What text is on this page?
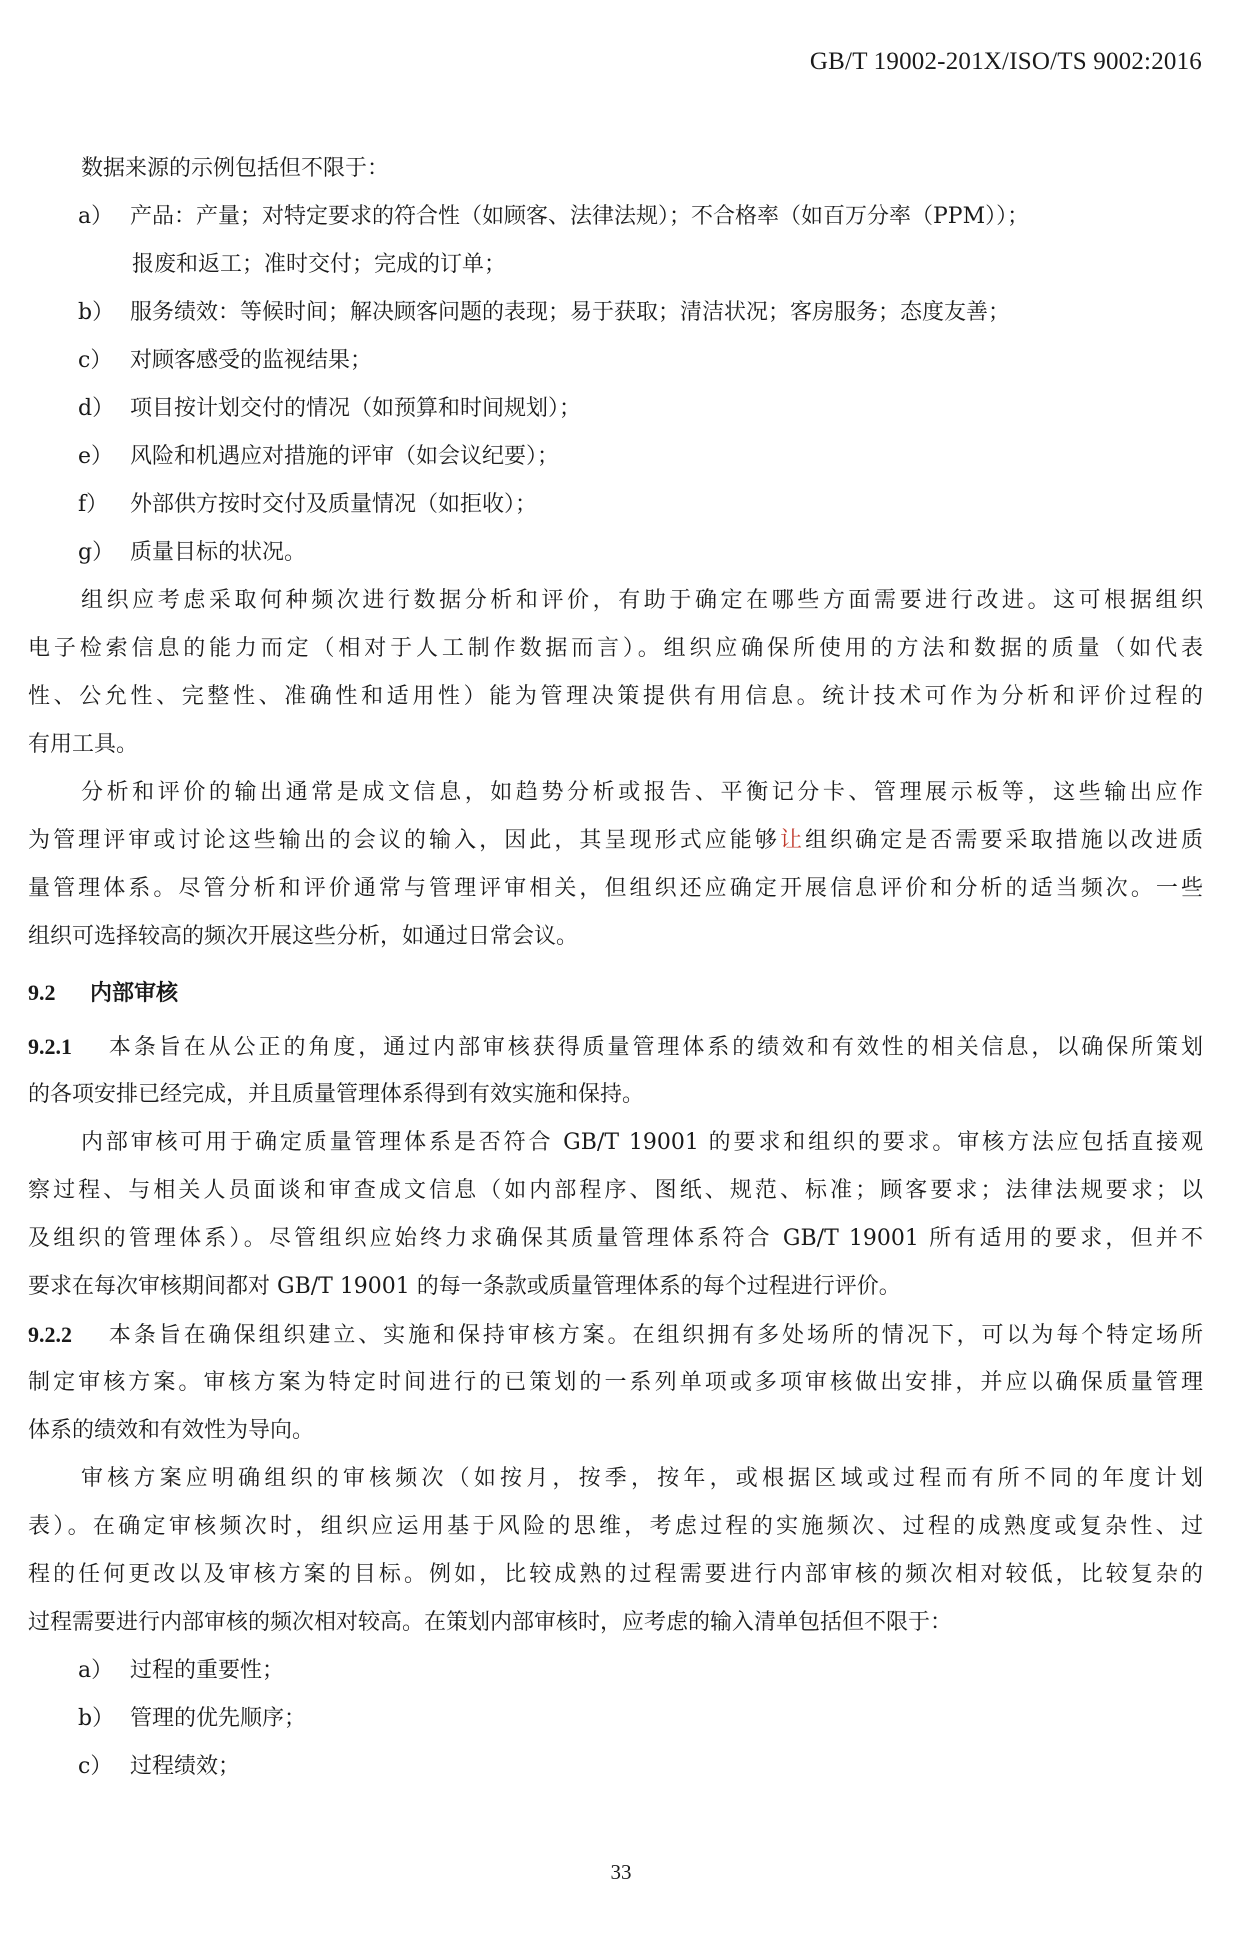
GB/T 19002-201X/ISO/TS 9002:2016
数据来源的示例包括但不限于：
a） 产品：产量；对特定要求的符合性（如顾客、法律法规）；不合格率（如百万分率（PPM））；
报废和返工；准时交付；完成的订单；
b） 服务绩效：等候时间；解决顾客问题的表现；易于获取；清洁状况；客房服务；态度友善；
c） 对顾客感受的监视结果；
d） 项目按计划交付的情况（如预算和时间规划）；
e） 风险和机遇应对措施的评审（如会议纪要）；
f） 外部供方按时交付及质量情况（如拒收）；
g） 质量目标的状况。
组织应考虑采取何种频次进行数据分析和评价，有助于确定在哪些方面需要进行改进。这可根据组织
电子检索信息的能力而定（相对于人工制作数据而言）。组织应确保所使用的方法和数据的质量（如代表
性、公允性、完整性、准确性和适用性）能为管理决策提供有用信息。统计技术可作为分析和评价过程的
有用工具。
分析和评价的输出通常是成文信息，如趋势分析或报告、平衡记分卡、管理展示板等，这些输出应作
为管理评审或讨论这些输出的会议的输入，因此，其呈现形式应能够让组织确定是否需要采取措施以改进质
量管理体系。尽管分析和评价通常与管理评审相关，但组织还应确定开展信息评价和分析的适当频次。一些
组织可选择较高的频次开展这些分析，如通过日常会议。
9.2 内部审核
9.2.1 本条旨在从公正的角度，通过内部审核获得质量管理体系的绩效和有效性的相关信息，以确保所策划
的各项安排已经完成，并且质量管理体系得到有效实施和保持。
内部审核可用于确定质量管理体系是否符合 GB/T 19001 的要求和组织的要求。审核方法应包括直接观
察过程、与相关人员面谈和审查成文信息（如内部程序、图纸、规范、标准；顾客要求；法律法规要求；以
及组织的管理体系）。尽管组织应始终力求确保其质量管理体系符合 GB/T 19001 所有适用的要求，但并不
要求在每次审核期间都对 GB/T 19001 的每一条款或质量管理体系的每个过程进行评价。
9.2.2 本条旨在确保组织建立、实施和保持审核方案。在组织拥有多处场所的情况下，可以为每个特定场所
制定审核方案。审核方案为特定时间进行的已策划的一系列单项或多项审核做出安排，并应以确保质量管理
体系的绩效和有效性为导向。
审核方案应明确组织的审核频次（如按月，按季，按年，或根据区域或过程而有所不同的年度计划
表）。在确定审核频次时，组织应运用基于风险的思维，考虑过程的实施频次、过程的成熟度或复杂性、过
程的任何更改以及审核方案的目标。例如，比较成熟的过程需要进行内部审核的频次相对较低，比较复杂的
过程需要进行内部审核的频次相对较高。在策划内部审核时，应考虑的输入清单包括但不限于：
a） 过程的重要性；
b） 管理的优先顺序；
c） 过程绩效；
33
